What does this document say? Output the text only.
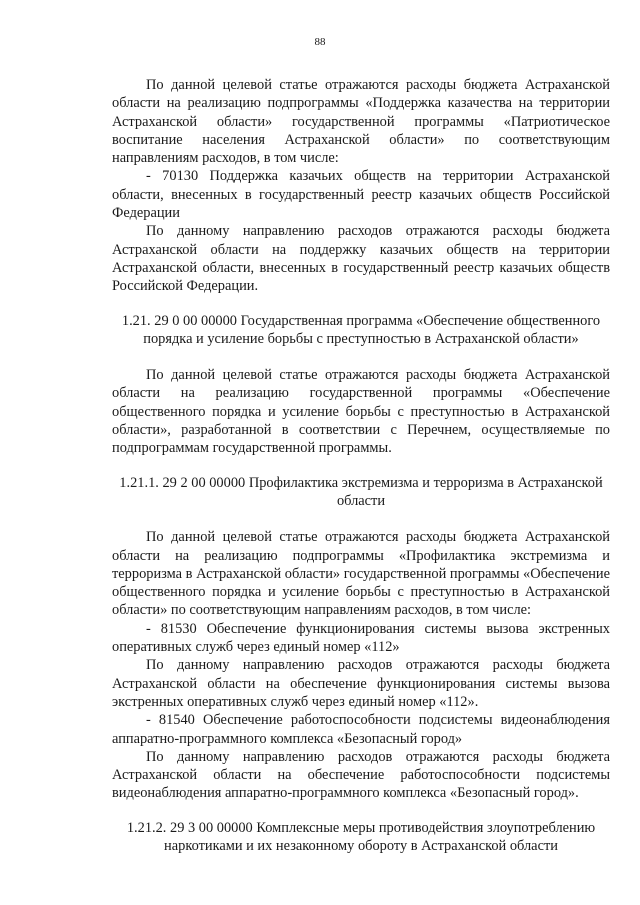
88

По данной целевой статье отражаются расходы бюджета Астраханской области на реализацию подпрограммы «Поддержка казачества на территории Астраханской области» государственной программы «Патриотическое воспитание населения Астраханской области» по соответствующим направлениям расходов, в том числе:

- 70130 Поддержка казачьих обществ на территории Астраханской области, внесенных в государственный реестр казачьих обществ Российской Федерации

По данному направлению расходов отражаются расходы бюджета Астраханской области на поддержку казачьих обществ на территории Астраханской области, внесенных в государственный реестр казачьих обществ Российской Федерации.

1.21. 29 0 00 00000 Государственная программа «Обеспечение общественного порядка и усиление борьбы с преступностью в Астраханской области»

По данной целевой статье отражаются расходы бюджета Астраханской области на реализацию государственной программы «Обеспечение общественного порядка и усиление борьбы с преступностью в Астраханской области», разработанной в соответствии с Перечнем, осуществляемые по подпрограммам государственной программы.

1.21.1. 29 2 00 00000 Профилактика экстремизма и терроризма в Астраханской области

По данной целевой статье отражаются расходы бюджета Астраханской области на реализацию подпрограммы «Профилактика экстремизма и терроризма в Астраханской области» государственной программы «Обеспечение общественного порядка и усиление борьбы с преступностью в Астраханской области» по соответствующим направлениям расходов, в том числе:

- 81530 Обеспечение функционирования системы вызова экстренных оперативных служб через единый номер «112»

По данному направлению расходов отражаются расходы бюджета Астраханской области на обеспечение функционирования системы вызова экстренных оперативных служб через единый номер «112».

- 81540 Обеспечение работоспособности подсистемы видеонаблюдения аппаратно-программного комплекса «Безопасный город»

По данному направлению расходов отражаются расходы бюджета Астраханской области на обеспечение работоспособности подсистемы видеонаблюдения аппаратно-программного комплекса «Безопасный город».

1.21.2. 29 3 00 00000 Комплексные меры противодействия злоупотреблению наркотиками и их незаконному обороту в Астраханской области
